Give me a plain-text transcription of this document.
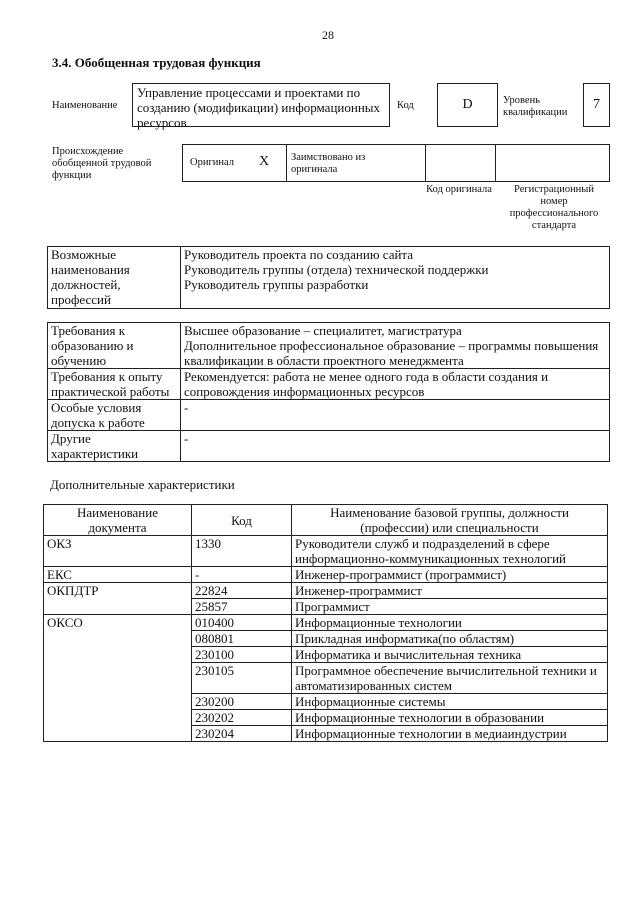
28
3.4. Обобщенная трудовая функция
Наименование
Управление процессами и проектами по созданию (модификации) информационных ресурсов
Код	D	Уровень квалификации
7
Происхождение обобщенной трудовой функции
Оригинал X Заимствовано из оригинала
Код оригинала	Регистрационный номер профессионального стандарта
Возможные наименования должностей, профессий	
Руководитель проекта по созданию сайта
Руководитель группы (отдела) технической поддержки
Руководитель группы разработки
Требования к образованию и обучению	Высшее образование – специалитет, магистратура
Дополнительное профессиональное образование – программы повышения квалификации в области проектного менеджмента

Требования к опыту практической работы	Рекомендуется: работа не менее одного года в области создания и сопровождения информационных ресурсов
Особые условия допуска к работе	-
Другие характеристики	-
Дополнительные характеристики
Наименование документа	Код	Наименование базовой группы, должности (профессии) или специальности
ОКЗ	1330	Руководители служб и подразделений в сфере информационно-коммуникационных технологий
ЕКС	-	Инженер-программист (программист)
ОКПДТР	22824	Инженер-программист
	25857	Программист
ОКСО	010400	Информационные технологии
	080801	Прикладная информатика(по областям)
	230100	Информатика и вычислительная техника
	230105	Программное обеспечение вычислительной техники и автоматизированных систем
	230200	Информационные системы
	230202	Информационные технологии в образовании
	230204	Информационные технологии в медиаиндустрии
